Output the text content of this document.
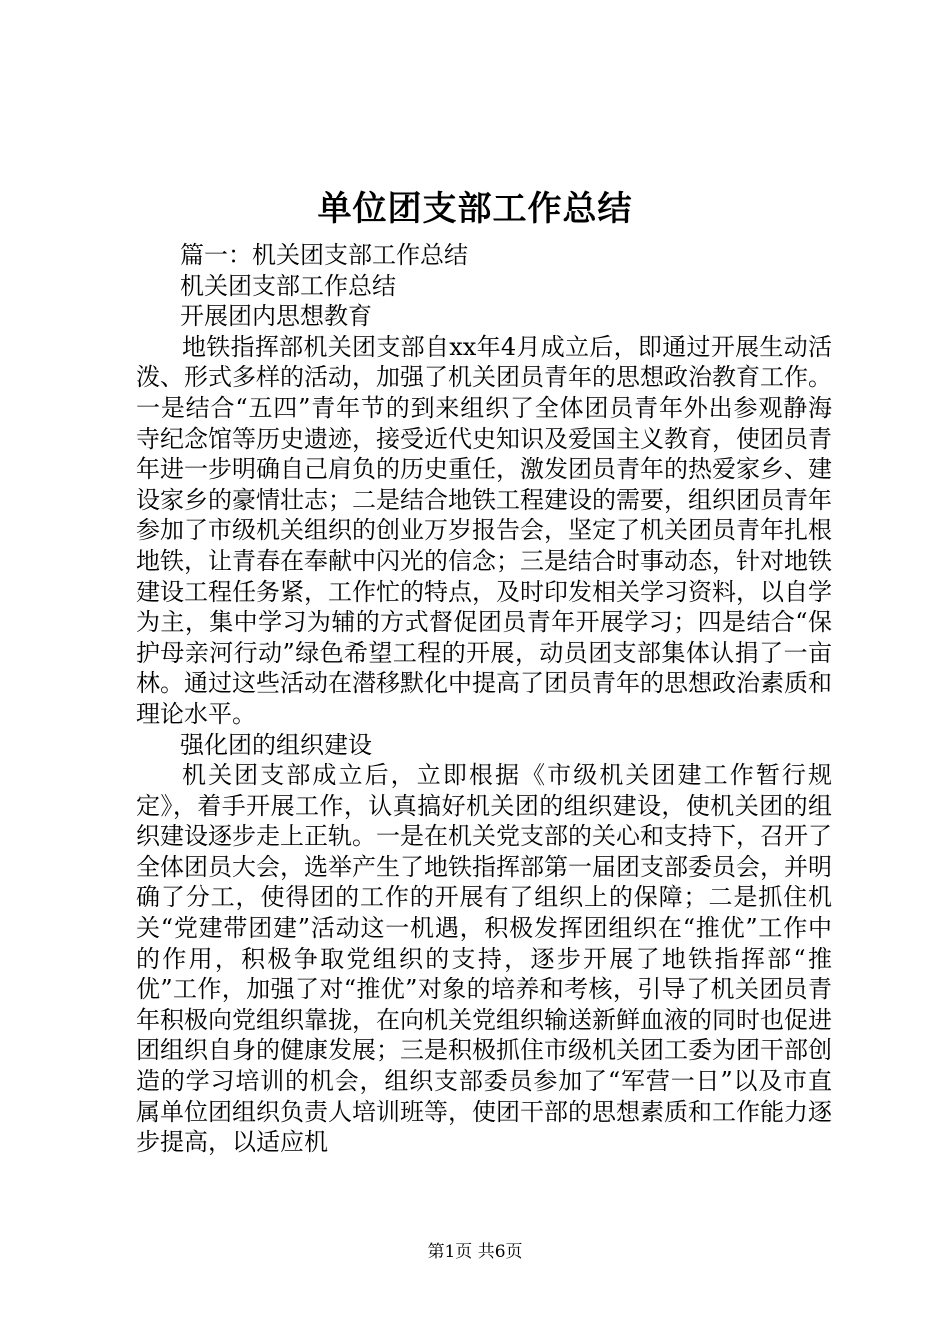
单位团支部工作总结

篇一：机关团支部工作总结

机关团支部工作总结

开展团内思想教育

地铁指挥部机关团支部自xx年4月成立后，即通过开展生动活泼、形式多样的活动，加强了机关团员青年的思想政治教育工作。一是结合“五四”青年节的到来组织了全体团员青年外出参观静海寺纪念馆等历史遗迹，接受近代史知识及爱国主义教育，使团员青年进一步明确自己肩负的历史重任，激发团员青年的热爱家乡、建设家乡的豪情壮志；二是结合地铁工程建设的需要，组织团员青年参加了市级机关组织的创业万岁报告会，坚定了机关团员青年扎根地铁，让青春在奉献中闪光的信念；三是结合时事动态，针对地铁建设工程任务紧，工作忙的特点，及时印发相关学习资料，以自学为主，集中学习为辅的方式督促团员青年开展学习；四是结合“保护母亲河行动”绿色希望工程的开展，动员团支部集体认捐了一亩林。通过这些活动在潜移默化中提高了团员青年的思想政治素质和理论水平。

强化团的组织建设

机关团支部成立后，立即根据《市级机关团建工作暂行规定》，着手开展工作，认真搞好机关团的组织建设，使机关团的组织建设逐步走上正轨。一是在机关党支部的关心和支持下，召开了全体团员大会，选举产生了地铁指挥部第一届团支部委员会，并明确了分工，使得团的工作的开展有了组织上的保障；二是抓住机关“党建带团建”活动这一机遇，积极发挥团组织在“推优”工作中的作用，积极争取党组织的支持，逐步开展了地铁指挥部“推优”工作，加强了对“推优”对象的培养和考核，引导了机关团员青年积极向党组织靠拢，在向机关党组织输送新鲜血液的同时也促进团组织自身的健康发展；三是积极抓住市级机关团工委为团干部创造的学习培训的机会，组织支部委员参加了“军营一日”以及市直属单位团组织负责人培训班等，使团干部的思想素质和工作能力逐步提高，以适应机

第1页 共6页
